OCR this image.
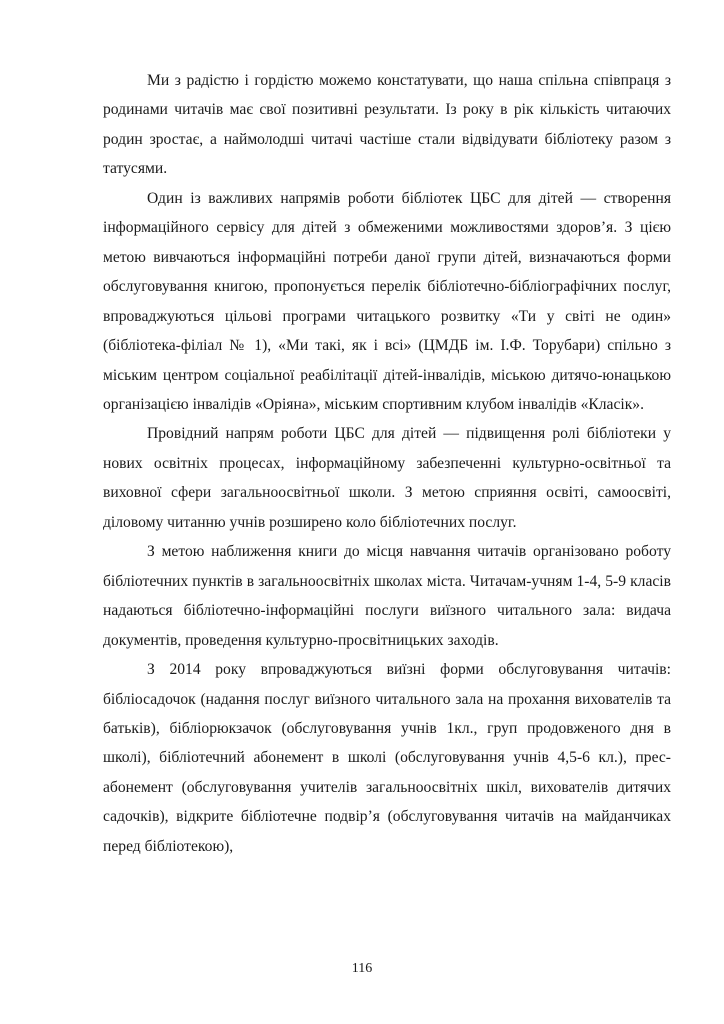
Ми з радістю і гордістю можемо констатувати, що наша спільна співпраця з родинами читачів має свої позитивні результати. Із року в рік кількість читаючих родин зростає, а наймолодші читачі частіше стали відвідувати бібліотеку разом з татусями.

Один із важливих напрямів роботи бібліотек ЦБС для дітей — створення інформаційного сервісу для дітей з обмеженими можливостями здоров’я. З цією метою вивчаються інформаційні потреби даної групи дітей, визначаються форми обслуговування книгою, пропонується перелік бібліотечно-бібліографічних послуг, впроваджуються цільові програми читацького розвитку «Ти у світі не один» (бібліотека-філіал № 1), «Ми такі, як і всі» (ЦМДБ ім. І.Ф. Торубари) спільно з міським центром соціальної реабілітації дітей-інвалідів, міською дитячо-юнацькою організацією інвалідів «Оріяна», міським спортивним клубом інвалідів «Класік».

Провідний напрям роботи ЦБС для дітей — підвищення ролі бібліотеки у нових освітніх процесах, інформаційному забезпеченні культурно-освітньої та виховної сфери загальноосвітньої школи. З метою сприяння освіті, самоосвіті, діловому читанню учнів розширено коло бібліотечних послуг.

З метою наближення книги до місця навчання читачів організовано роботу бібліотечних пунктів в загальноосвітніх школах міста. Читачам-учням 1-4, 5-9 класів надаються бібліотечно-інформаційні послуги виїзного читального зала: видача документів, проведення культурно-просвітницьких заходів.

З 2014 року впроваджуються виїзні форми обслуговування читачів: бібліосадочок (надання послуг виїзного читального зала на прохання вихователів та батьків), бібліорюкзачок (обслуговування учнів 1кл., груп продовженого дня в школі), бібліотечний абонемент в школі (обслуговування учнів 4,5-6 кл.), прес-абонемент (обслуговування учителів загальноосвітніх шкіл, вихователів дитячих садочків), відкрите бібліотечне подвір’я (обслуговування читачів на майданчиках перед бібліотекою),

116
